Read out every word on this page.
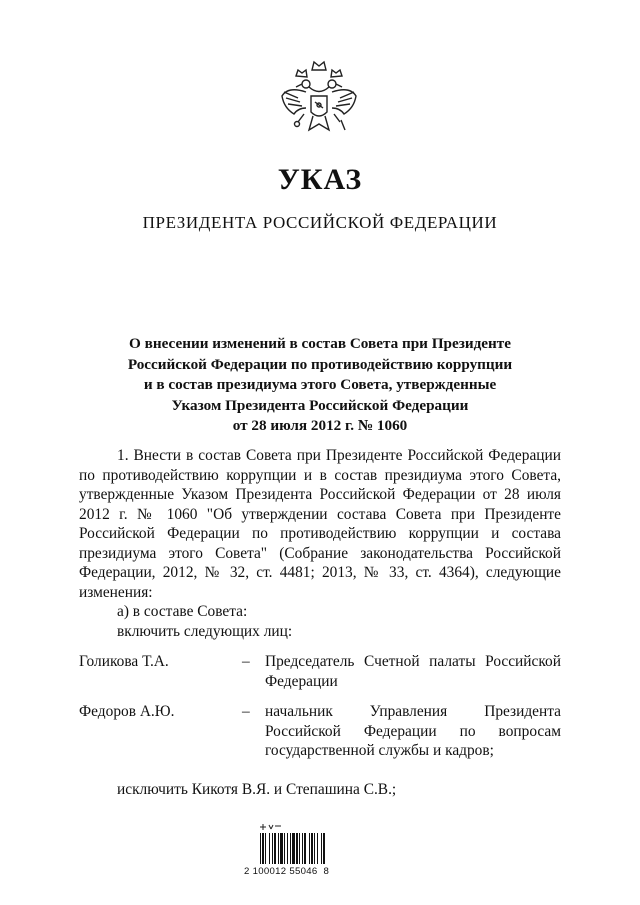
УКАЗ
ПРЕЗИДЕНТА РОССИЙСКОЙ ФЕДЕРАЦИИ
О внесении изменений в состав Совета при Президенте
Российской Федерации по противодействию коррупции
и в состав президиума этого Совета, утвержденные
Указом Президента Российской Федерации
от 28 июля 2012 г. № 1060

1. Внести в состав Совета при Президенте Российской Федерации по противодействию коррупции и в состав президиума этого Совета, утвержденные Указом Президента Российской Федерации от 28 июля 2012 г. № 1060 "Об утверждении состава Совета при Президенте Российской Федерации по противодействию коррупции и состава президиума этого Совета" (Собрание законодательства Российской Федерации, 2012, № 32, ст. 4481; 2013, № 33, ст. 4364), следующие изменения:

а) в составе Совета:
включить следующих лиц:
Голикова Т.А.	– Председатель Счетной палаты Российской Федерации
Федоров А.Ю.	– начальник Управления Президента Российской Федерации по вопросам государственной службы и кадров;
исключить Кикотя В.Я. и Степашина С.В.;
2 100012 55046  8
